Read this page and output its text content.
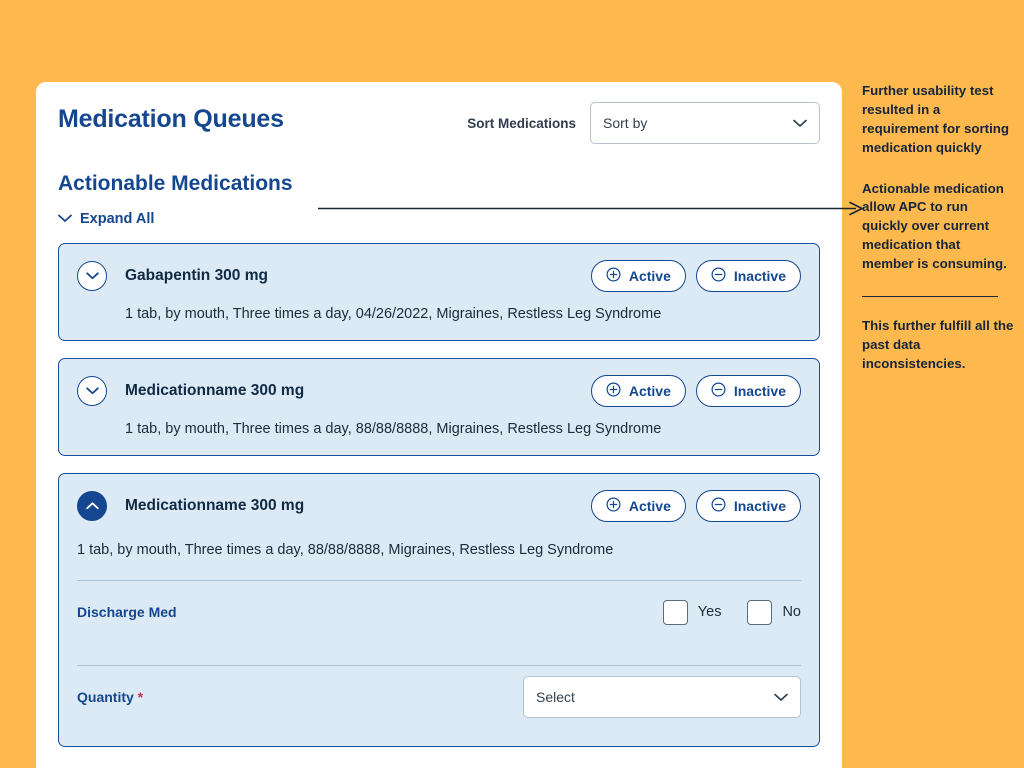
Medication Queues	Sort Medications Sort by
Actionable Medications
Expand All
Gabapentin 300 mg	Active	Inactive
1 tab, by mouth, Three times a day, 04/26/2022, Migraines, Restless Leg Syndrome
Medicationname 300 mg	Active	Inactive
1 tab, by mouth, Three times a day, 88/88/8888, Migraines, Restless Leg Syndrome
Medicationname 300 mg	Active	Inactive
1 tab, by mouth, Three times a day, 88/88/8888, Migraines, Restless Leg Syndrome
Discharge Med	Yes	No
Quantity *	Select

Further usability test resulted in a requirement for sorting medication quickly

Actionable medication allow APC to run quickly over current medication that member is consuming.

This further fulfill all the past data inconsistencies.
